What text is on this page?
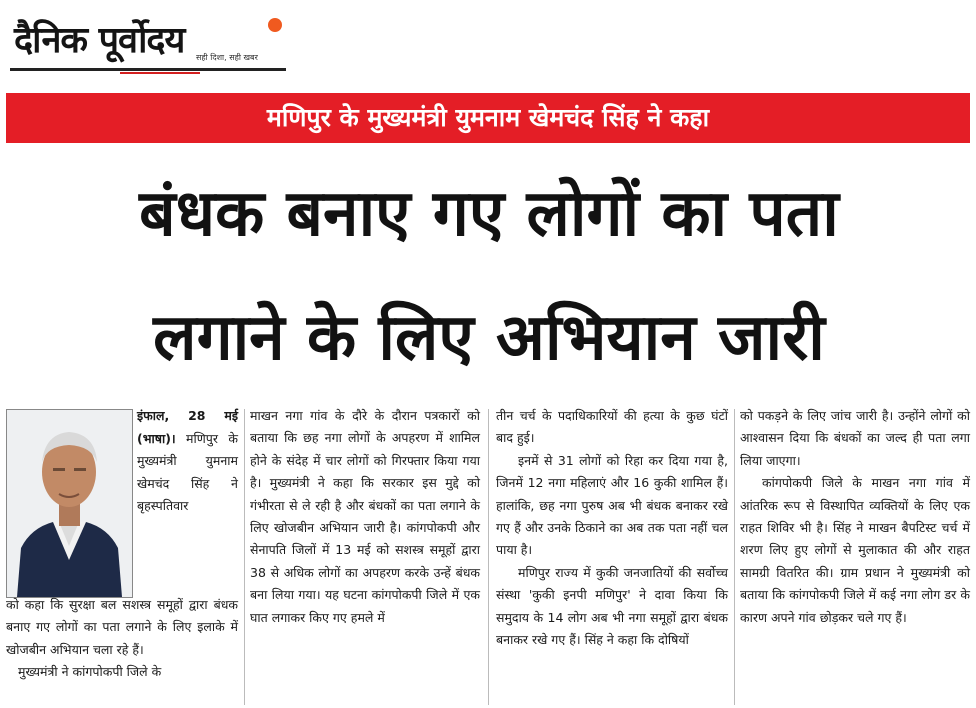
दैनिक पूर्वोदय सही दिशा, सही खबर
मणिपुर के मुख्यमंत्री युमनाम खेमचंद सिंह ने कहा
बंधक बनाए गए लोगों का पता
लगाने के लिए अभियान जारी

इंफाल, 28 मई (भाषा)। मणिपुर के मुख्यमंत्री युमनाम खेमचंद सिंह ने बृहस्पतिवार

को कहा कि सुरक्षा बल सशस्त्र समूहों द्वारा बंधक बनाए गए लोगों का पता लगाने के लिए इलाके में खोजबीन अभियान चला रहे हैं।

मुख्यमंत्री ने कांगपोकपी जिले के

माखन नगा गांव के दौरे के दौरान पत्रकारों को बताया कि छह नगा लोगों के अपहरण में शामिल होने के संदेह में चार लोगों को गिरफ्तार किया गया है। मुख्यमंत्री ने कहा कि सरकार इस मुद्दे को गंभीरता से ले रही है और बंधकों का पता लगाने के लिए खोजबीन अभियान जारी है। कांगपोकपी और सेनापति जिलों में 13 मई को सशस्त्र समूहों द्वारा 38 से अधिक लोगों का अपहरण करके उन्हें बंधक बना लिया गया। यह घटना कांगपोकपी जिले में एक घात लगाकर किए गए हमले में

तीन चर्च के पदाधिकारियों की हत्या के कुछ घंटों बाद हुई।

इनमें से 31 लोगों को रिहा कर दिया गया है, जिनमें 12 नगा महिलाएं और 16 कुकी शामिल हैं। हालांकि, छह नगा पुरुष अब भी बंधक बनाकर रखे गए हैं और उनके ठिकाने का अब तक पता नहीं चल पाया है।

मणिपुर राज्य में कुकी जनजातियों की सर्वोच्च संस्था 'कुकी इनपी मणिपुर' ने दावा किया कि समुदाय के 14 लोग अब भी नगा समूहों द्वारा बंधक बनाकर रखे गए हैं। सिंह ने कहा कि दोषियों

को पकड़ने के लिए जांच जारी है। उन्होंने लोगों को आश्वासन दिया कि बंधकों का जल्द ही पता लगा लिया जाएगा।

कांगपोकपी जिले के माखन नगा गांव में आंतरिक रूप से विस्थापित व्यक्तियों के लिए एक राहत शिविर भी है। सिंह ने माखन बैपटिस्ट चर्च में शरण लिए हुए लोगों से मुलाकात की और राहत सामग्री वितरित की। ग्राम प्रधान ने मुख्यमंत्री को बताया कि कांगपोकपी जिले में कई नगा लोग डर के कारण अपने गांव छोड़कर चले गए हैं।
